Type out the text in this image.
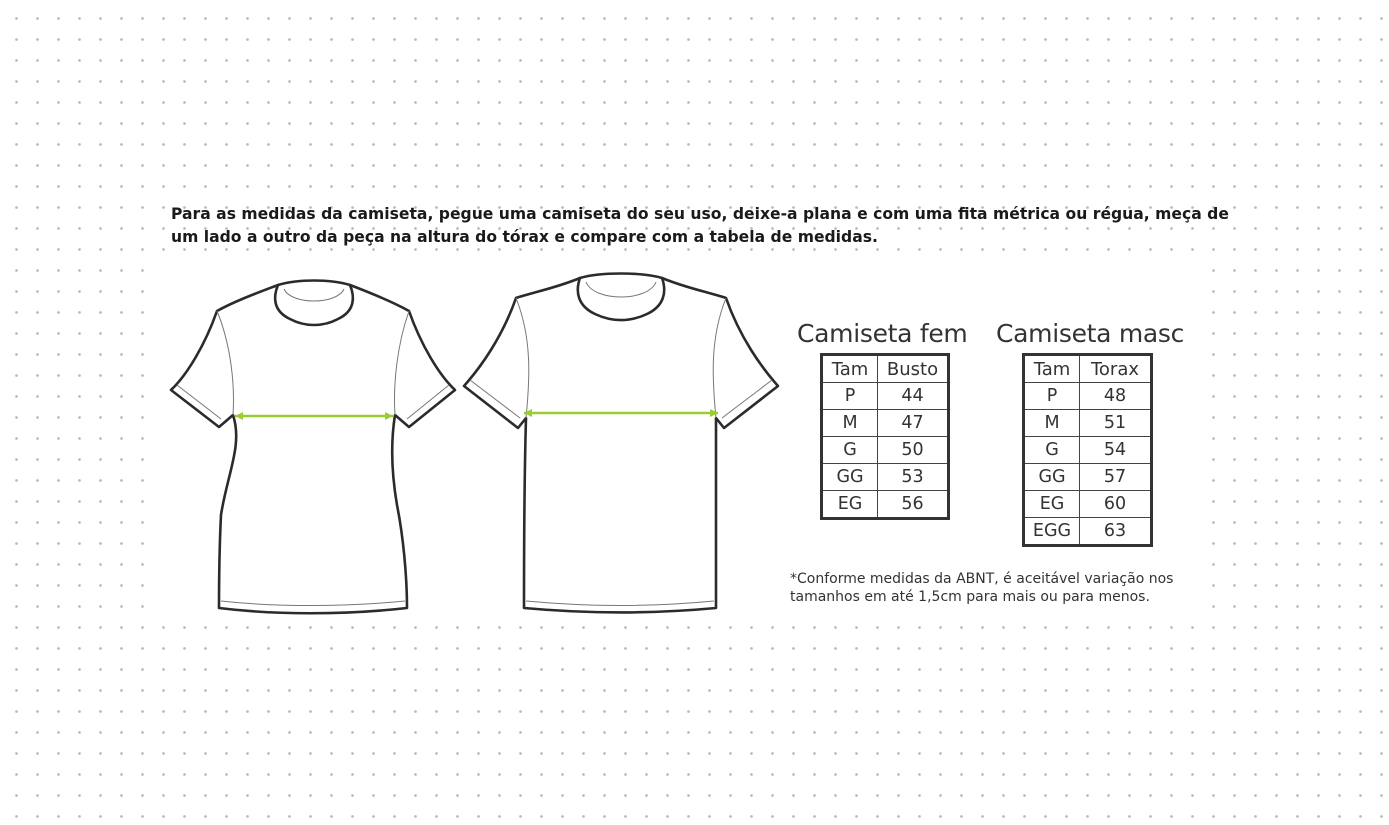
Para as medidas da camiseta, pegue uma camiseta do seu uso, deixe-a plana e com uma fita métrica ou régua, meça de um lado a outro da peça na altura do tórax e compare com a tabela de medidas.

Camiseta fem
Tam	Busto
P	44
M	47
G	50
GG	53
EG	56
Camiseta masc
Tam	Torax
P	48
M	51
G	54
GG	57
EG	60
EGG	63

*Conforme medidas da ABNT, é aceitável variação nos tamanhos em até 1,5cm para mais ou para menos.
